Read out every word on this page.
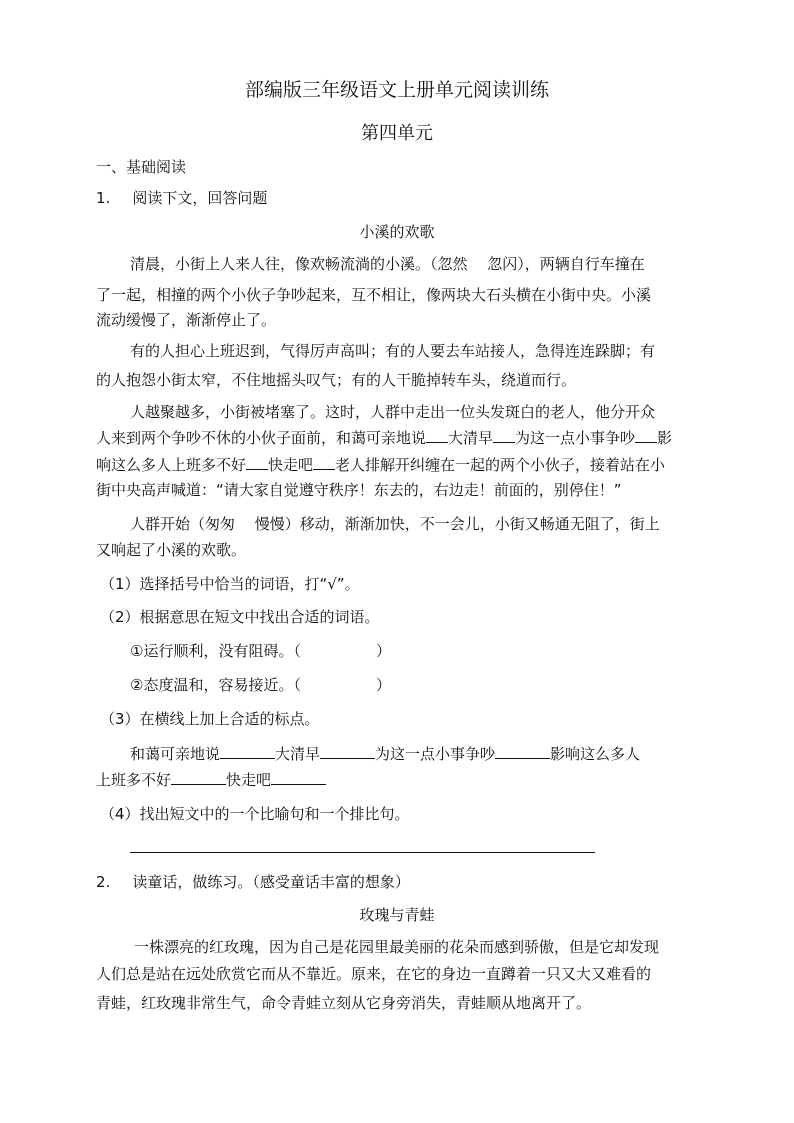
部编版三年级语文上册单元阅读训练
第四单元
一、基础阅读
1. 阅读下文，回答问题
小溪的欢歌
清晨，小街上人来人往，像欢畅流淌的小溪。（忽然　 忽闪），两辆自行车撞在
了一起，相撞的两个小伙子争吵起来，互不相让，像两块大石头横在小街中央。小溪
流动缓慢了，渐渐停止了。
有的人担心上班迟到，气得厉声高叫；有的人要去车站接人，急得连连跺脚；有
的人抱怨小街太窄，不住地摇头叹气；有的人干脆掉转车头，绕道而行。
人越聚越多，小街被堵塞了。这时，人群中走出一位头发斑白的老人，他分开众
人来到两个争吵不休的小伙子面前，和蔼可亲地说 大清早 为这一点小事争吵 影
响这么多人上班多不好 快走吧 老人排解开纠缠在一起的两个小伙子，接着站在小
街中央高声喊道：“请大家自觉遵守秩序！东去的，右边走！前面的，别停住！”
人群开始（匆匆　 慢慢）移动，渐渐加快，不一会儿，小街又畅通无阻了，街上
又响起了小溪的欢歌。
（1）选择括号中恰当的词语，打“√”。
（2）根据意思在短文中找出合适的词语。
①运行顺利，没有阻碍。（　　　　　）
②态度温和，容易接近。（　　　　　）
（3）在横线上加上合适的标点。
和蔼可亲地说	大清早	为这一点小事争吵	影响这么多人
上班多不好	快走吧
（4）找出短文中的一个比喻句和一个排比句。
2. 读童话，做练习。（感受童话丰富的想象）
玫瑰与青蛙
一株漂亮的红玫瑰，因为自己是花园里最美丽的花朵而感到骄傲，但是它却发现
人们总是站在远处欣赏它而从不靠近。原来，在它的身边一直蹲着一只又大又难看的
青蛙，红玫瑰非常生气，命令青蛙立刻从它身旁消失，青蛙顺从地离开了。
